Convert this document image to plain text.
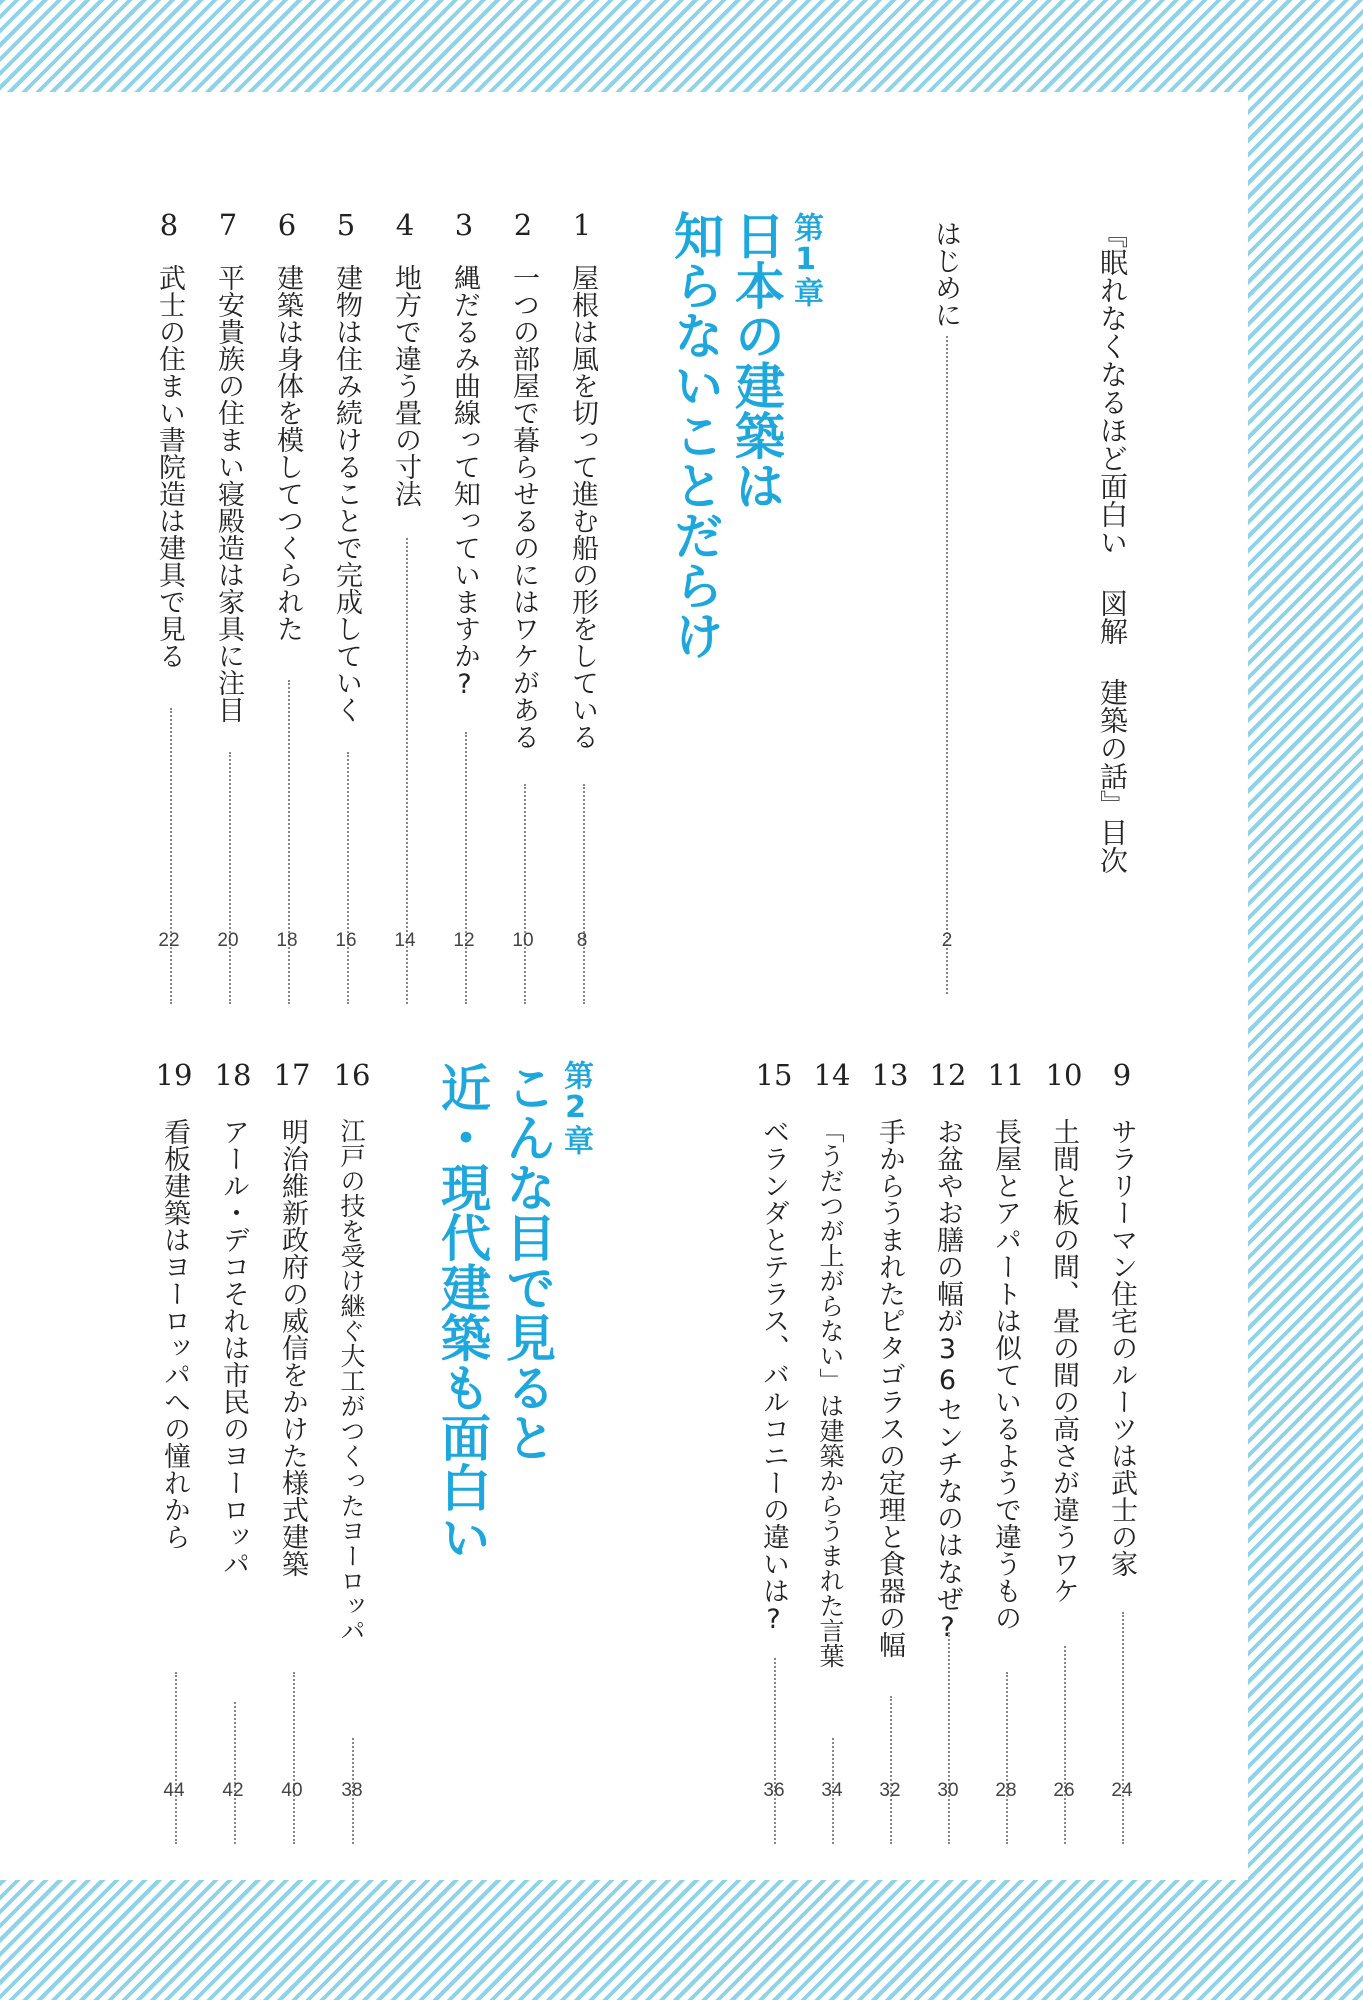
『眠れなくなるほど面白い 図解 建築の話』目次
はじめに
2
第1章
日本の建築は
知らないことだらけ
1
屋根は風を切って進む船の形をしている
8
2
一つの部屋で暮らせるのにはワケがある
10
3
縄だるみ曲線って知っていますか?
12
4
地方で違う畳の寸法
14
5
建物は住み続けることで完成していく
16
6
建築は身体を模してつくられた
18
7
平安貴族の住まい寝殿造は家具に注目
20
8
武士の住まい書院造は建具で見る
22
9
サラリーマン住宅のルーツは武士の家
24
10
土間と板の間、畳の間の高さが違うワケ
26
11
長屋とアパートは似ているようで違うもの
28
12
お盆やお膳の幅が36センチなのはなぜ?
30
13
手からうまれたピタゴラスの定理と食器の幅
32
14
「うだつが上がらない」は建築からうまれた言葉
34
15
ベランダとテラス、バルコニーの違いは?
36
第2章
こんな目で見ると
近・現代建築も面白い
16
江戸の技を受け継ぐ大工がつくったヨーロッパ
38
17
明治維新政府の威信をかけた様式建築
40
18
アール・デコそれは市民のヨーロッパ
42
19
看板建築はヨーロッパへの憧れから
44
